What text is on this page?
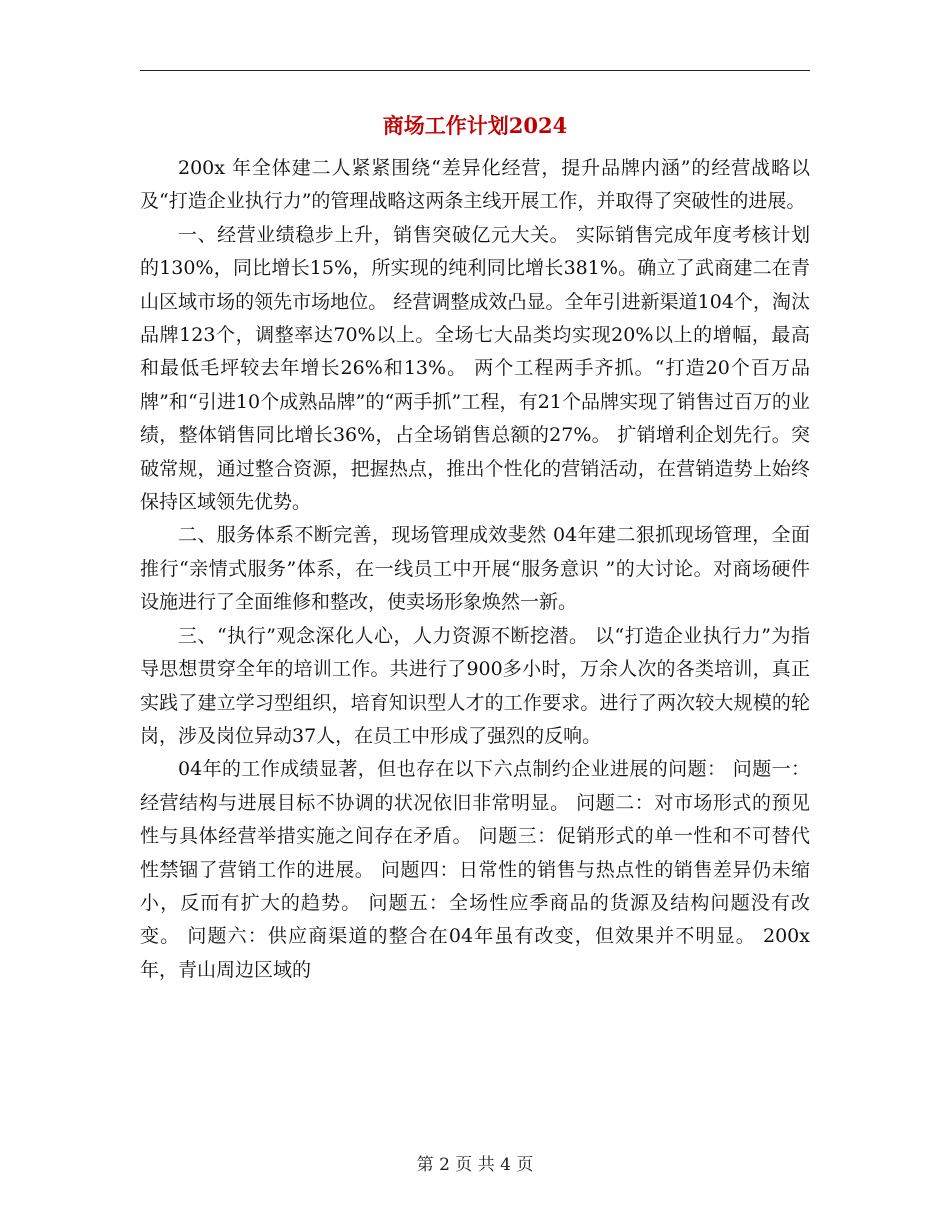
商场工作计划2024

200x 年全体建二人紧紧围绕“差异化经营，提升品牌内涵”的经营战略以及“打造企业执行力”的管理战略这两条主线开展工作，并取得了突破性的进展。

一、经营业绩稳步上升，销售突破亿元大关。 实际销售完成年度考核计划的130%，同比增长15%，所实现的纯利同比增长381%。确立了武商建二在青山区域市场的领先市场地位。 经营调整成效凸显。全年引进新渠道104个，淘汰品牌123个，调整率达70%以上。全场七大品类均实现20%以上的增幅，最高和最低毛坪较去年增长26%和13%。 两个工程两手齐抓。“打造20个百万品牌”和“引进10个成熟品牌”的“两手抓”工程，有21个品牌实现了销售过百万的业绩，整体销售同比增长36%，占全场销售总额的27%。 扩销增利企划先行。突破常规，通过整合资源，把握热点，推出个性化的营销活动，在营销造势上始终保持区域领先优势。

二、服务体系不断完善，现场管理成效斐然 04年建二狠抓现场管理，全面推行“亲情式服务”体系，在一线员工中开展“服务意识 ”的大讨论。对商场硬件设施进行了全面维修和整改，使卖场形象焕然一新。

三、“执行”观念深化人心，人力资源不断挖潜。 以“打造企业执行力”为指导思想贯穿全年的培训工作。共进行了900多小时，万余人次的各类培训，真正实践了建立学习型组织，培育知识型人才的工作要求。进行了两次较大规模的轮岗，涉及岗位异动37人，在员工中形成了强烈的反响。

04年的工作成绩显著，但也存在以下六点制约企业进展的问题： 问题一：经营结构与进展目标不协调的状况依旧非常明显。 问题二：对市场形式的预见性与具体经营举措实施之间存在矛盾。 问题三：促销形式的单一性和不可替代性禁锢了营销工作的进展。 问题四：日常性的销售与热点性的销售差异仍未缩小，反而有扩大的趋势。 问题五：全场性应季商品的货源及结构问题没有改变。 问题六：供应商渠道的整合在04年虽有改变，但效果并不明显。 200x 年，青山周边区域的

第 2 页 共 4 页
